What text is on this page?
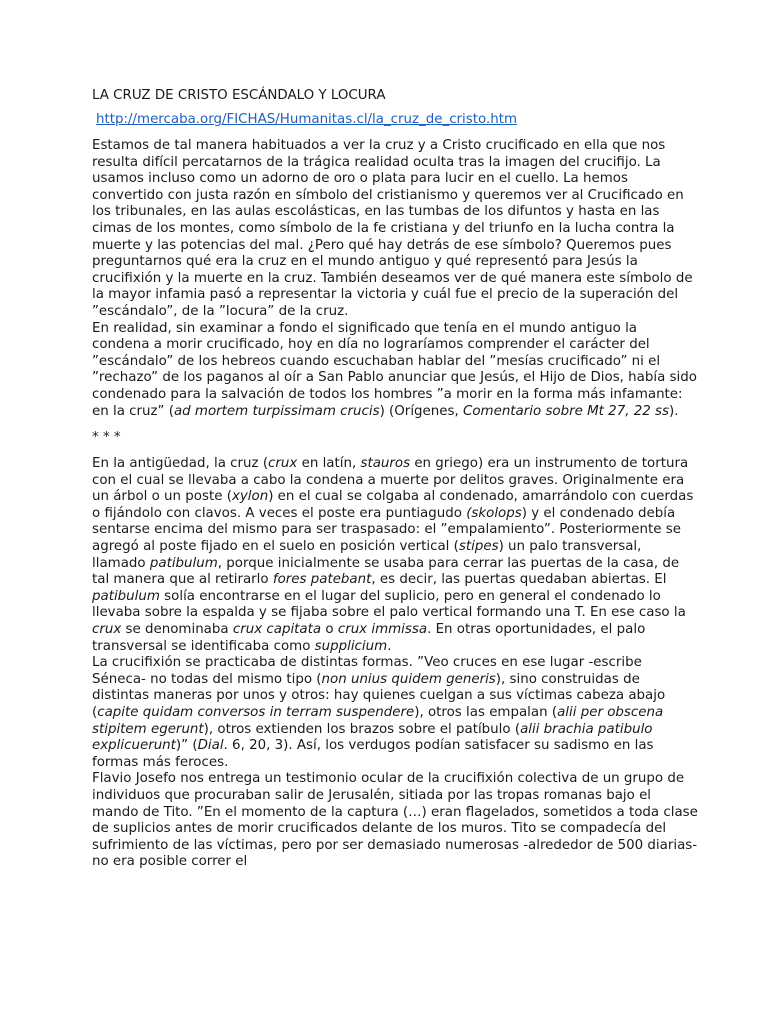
LA CRUZ DE CRISTO ESCÁNDALO Y LOCURA
http://mercaba.org/FICHAS/Humanitas.cl/la_cruz_de_cristo.htm

Estamos de tal manera habituados a ver la cruz y a Cristo crucificado en ella que nos resulta difícil percatarnos de la trágica realidad oculta tras la imagen del crucifijo. La usamos incluso como un adorno de oro o plata para lucir en el cuello. La hemos convertido con justa razón en símbolo del cristianismo y queremos ver al Crucificado en los tribunales, en las aulas escolásticas, en las tumbas de los difuntos y hasta en las cimas de los montes, como símbolo de la fe cristiana y del triunfo en la lucha contra la muerte y las potencias del mal. ¿Pero qué hay detrás de ese símbolo? Queremos pues preguntarnos qué era la cruz en el mundo antiguo y qué representó para Jesús la crucifixión y la muerte en la cruz. También deseamos ver de qué manera este símbolo de la mayor infamia pasó a representar la victoria y cuál fue el precio de la superación del ”escándalo”, de la ”locura” de la cruz.

En realidad, sin examinar a fondo el significado que tenía en el mundo antiguo la condena a morir crucificado, hoy en día no lograríamos comprender el carácter del ”escándalo” de los hebreos cuando escuchaban hablar del ”mesías crucificado” ni el ”rechazo” de los paganos al oír a San Pablo anunciar que Jesús, el Hijo de Dios, había sido condenado para la salvación de todos los hombres ”a morir en la forma más infamante: en la cruz” (ad mortem turpissimam crucis) (Orígenes, Comentario sobre Mt 27, 22 ss).

* * *

En la antigüedad, la cruz (crux en latín, stauros en griego) era un instrumento de tortura con el cual se llevaba a cabo la condena a muerte por delitos graves. Originalmente era un árbol o un poste (xylon) en el cual se colgaba al condenado, amarrándolo con cuerdas o fijándolo con clavos. A veces el poste era puntiagudo (skolops) y el condenado debía sentarse encima del mismo para ser traspasado: el ”empalamiento”. Posteriormente se agregó al poste fijado en el suelo en posición vertical (stipes) un palo transversal, llamado patibulum, porque inicialmente se usaba para cerrar las puertas de la casa, de tal manera que al retirarlo fores patebant, es decir, las puertas quedaban abiertas. El patibulum solía encontrarse en el lugar del suplicio, pero en general el condenado lo llevaba sobre la espalda y se fijaba sobre el palo vertical formando una T. En ese caso la crux se denominaba crux capitata o crux immissa. En otras oportunidades, el palo transversal se identificaba como supplicium.

La crucifixión se practicaba de distintas formas. ”Veo cruces en ese lugar -escribe Séneca- no todas del mismo tipo (non unius quidem generis), sino construidas de distintas maneras por unos y otros: hay quienes cuelgan a sus víctimas cabeza abajo (capite quidam conversos in terram suspendere), otros las empalan (alii per obscena stipitem egerunt), otros extienden los brazos sobre el patíbulo (alii brachia patibulo explicuerunt)” (Dial. 6, 20, 3). Así, los verdugos podían satisfacer su sadismo en las formas más feroces.

Flavio Josefo nos entrega un testimonio ocular de la crucifixión colectiva de un grupo de individuos que procuraban salir de Jerusalén, sitiada por las tropas romanas bajo el mando de Tito. ”En el momento de la captura (…) eran flagelados, sometidos a toda clase de suplicios antes de morir crucificados delante de los muros. Tito se compadecía del sufrimiento de las víctimas, pero por ser demasiado numerosas -alrededor de 500 diarias- no era posible correr el
